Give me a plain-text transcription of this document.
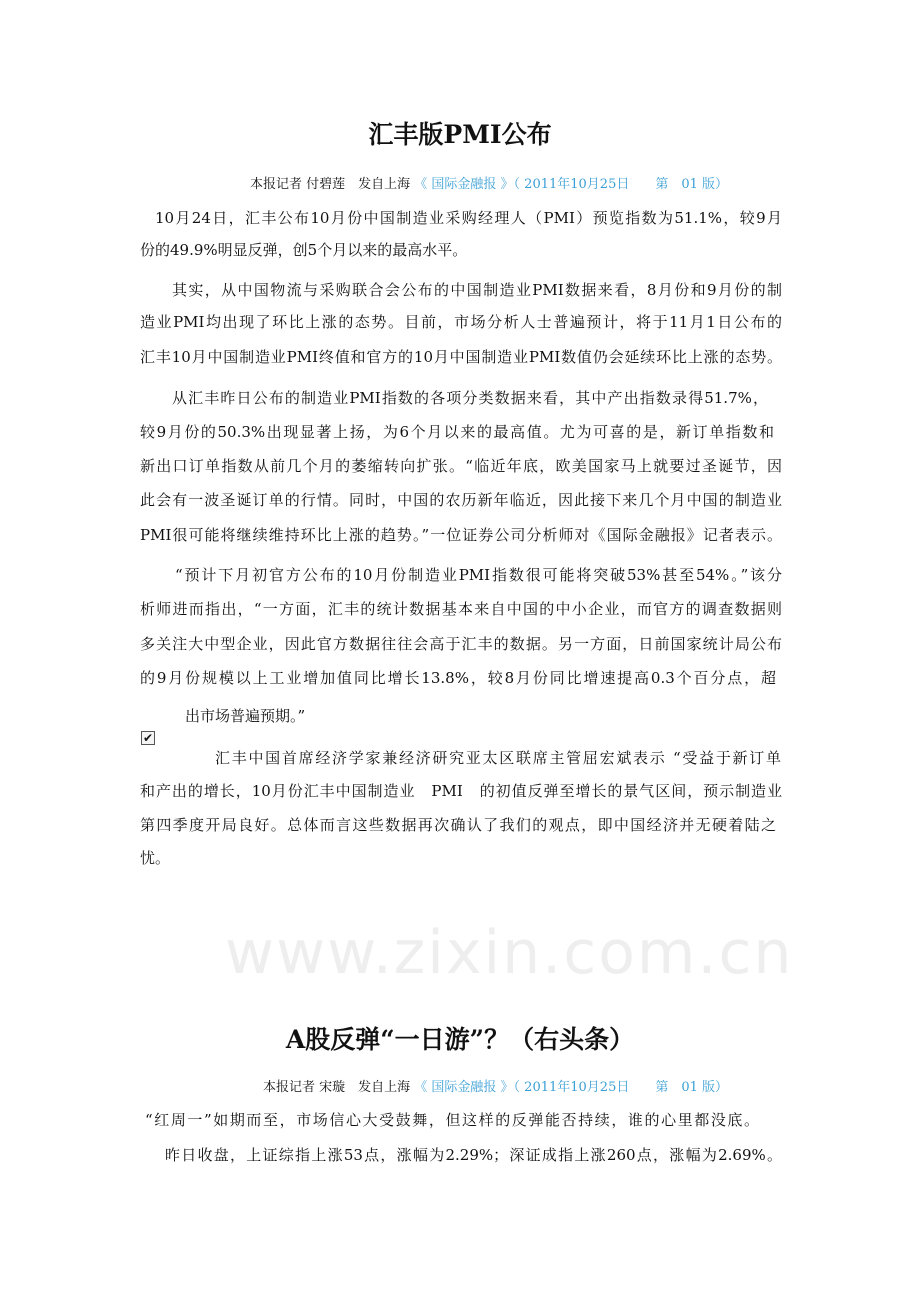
www.zixin.com.cn
汇丰版PMI公布
本报记者 付碧莲　发自上海 《 国际金融报 》（ 2011年10月25日　　第　01 版）
10月24日，汇丰公布10月份中国制造业采购经理人（PMI）预览指数为51.1%，较9月
份的49.9%明显反弹，创5个月以来的最高水平。
其实，从中国物流与采购联合会公布的中国制造业PMI数据来看，8月份和9月份的制
造业PMI均出现了环比上涨的态势。目前，市场分析人士普遍预计，将于11月1日公布的
汇丰10月中国制造业PMI终值和官方的10月中国制造业PMI数值仍会延续环比上涨的态势。
从汇丰昨日公布的制造业PMI指数的各项分类数据来看，其中产出指数录得51.7%，
较9月份的50.3%出现显著上扬，为6个月以来的最高值。尤为可喜的是，新订单指数和
新出口订单指数从前几个月的萎缩转向扩张。“临近年底，欧美国家马上就要过圣诞节，因
此会有一波圣诞订单的行情。同时，中国的农历新年临近，因此接下来几个月中国的制造业
PMI很可能将继续维持环比上涨的趋势。”一位证券公司分析师对《国际金融报》记者表示。
“预计下月初官方公布的10月份制造业PMI指数很可能将突破53%甚至54%。”该分
析师进而指出，“一方面，汇丰的统计数据基本来自中国的中小企业，而官方的调查数据则
多关注大中型企业，因此官方数据往往会高于汇丰的数据。另一方面，日前国家统计局公布
的9月份规模以上工业增加值同比增长13.8%，较8月份同比增速提高0.3个百分点，超
出市场普遍预期。”
✔
汇丰中国首席经济学家兼经济研究亚太区联席主管屈宏斌表示 “受益于新订单
和产出的增长，10月份汇丰中国制造业　PMI　的初值反弹至增长的景气区间，预示制造业
第四季度开局良好。总体而言这些数据再次确认了我们的观点，即中国经济并无硬着陆之
忧。
A股反弹“一日游”？（右头条）
本报记者 宋璇　发自上海 《 国际金融报 》（ 2011年10月25日　　第　01 版）
“红周一”如期而至，市场信心大受鼓舞，但这样的反弹能否持续，谁的心里都没底。
昨日收盘，上证综指上涨53点，涨幅为2.29%；深证成指上涨260点，涨幅为2.69%。
